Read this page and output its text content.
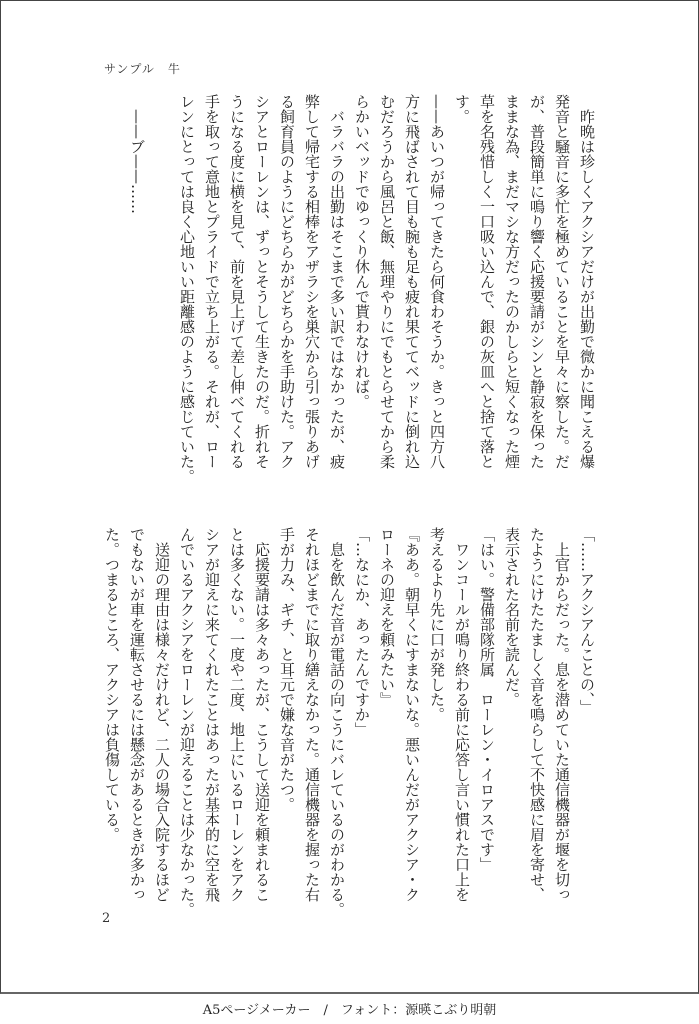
サンプル　牛
　昨晩は珍しくアクシアだけが出勤で微かに聞こえる爆
発音と騒音に多忙を極めていることを早々に察した。だ
が、普段簡単に鳴り響く応援要請がシンと静寂を保った
ままな為、まだマシな方だったのかしらと短くなった煙
草を名残惜しく一口吸い込んで、銀の灰皿へと捨て落と
す。
——あいつが帰ってきたら何食わそうか。きっと四方八
方に飛ばされて目も腕も足も疲れ果ててベッドに倒れ込
むだろうから風呂と飯、無理やりにでもとらせてから柔
らかいベッドでゆっくり休んで貰わなければ。
　バラバラの出勤はそこまで多い訳ではなかったが、疲
弊して帰宅する相棒をアザラシを巣穴から引っ張りあげ
る飼育員のようにどちらかがどちらかを手助けた。アク
シアとローレンは、ずっとそうして生きたのだ。折れそ
うになる度に横を見て、前を見上げて差し伸べてくれる
手を取って意地とプライドで立ち上がる。それが、ロー
レンにとっては良く心地いい距離感のように感じていた。

　——ブ——……
「……アクシアんことの、」
　上官からだった。息を潜めていた通信機器が堰を切っ
たようにけたたましく音を鳴らして不快感に眉を寄せ、
表示された名前を読んだ。
「はい。警備部隊所属　ローレン・イロアスです」
　ワンコールが鳴り終わる前に応答し言い慣れた口上を
考えるより先に口が発した。
『ああ。朝早くにすまないな。悪いんだがアクシア・ク
ローネの迎えを頼みたい』
「…なにか、あったんですか」
　息を飲んだ音が電話の向こうにバレているのがわかる。
それほどまでに取り繕えなかった。通信機器を握った右
手が力み、ギチ、と耳元で嫌な音がたつ。
　応援要請は多々あったが、こうして送迎を頼まれるこ
とは多くない。一度や二度、地上にいるローレンをアク
シアが迎えに来てくれたことはあったが基本的に空を飛
んでいるアクシアをローレンが迎えることは少なかった。
　送迎の理由は様々だけれど、二人の場合入院するほど
でもないが車を運転させるには懸念があるときが多かっ
た。つまるところ、アクシアは負傷している。
2
A5ページメーカー　/　フォント：源暎こぶり明朝
